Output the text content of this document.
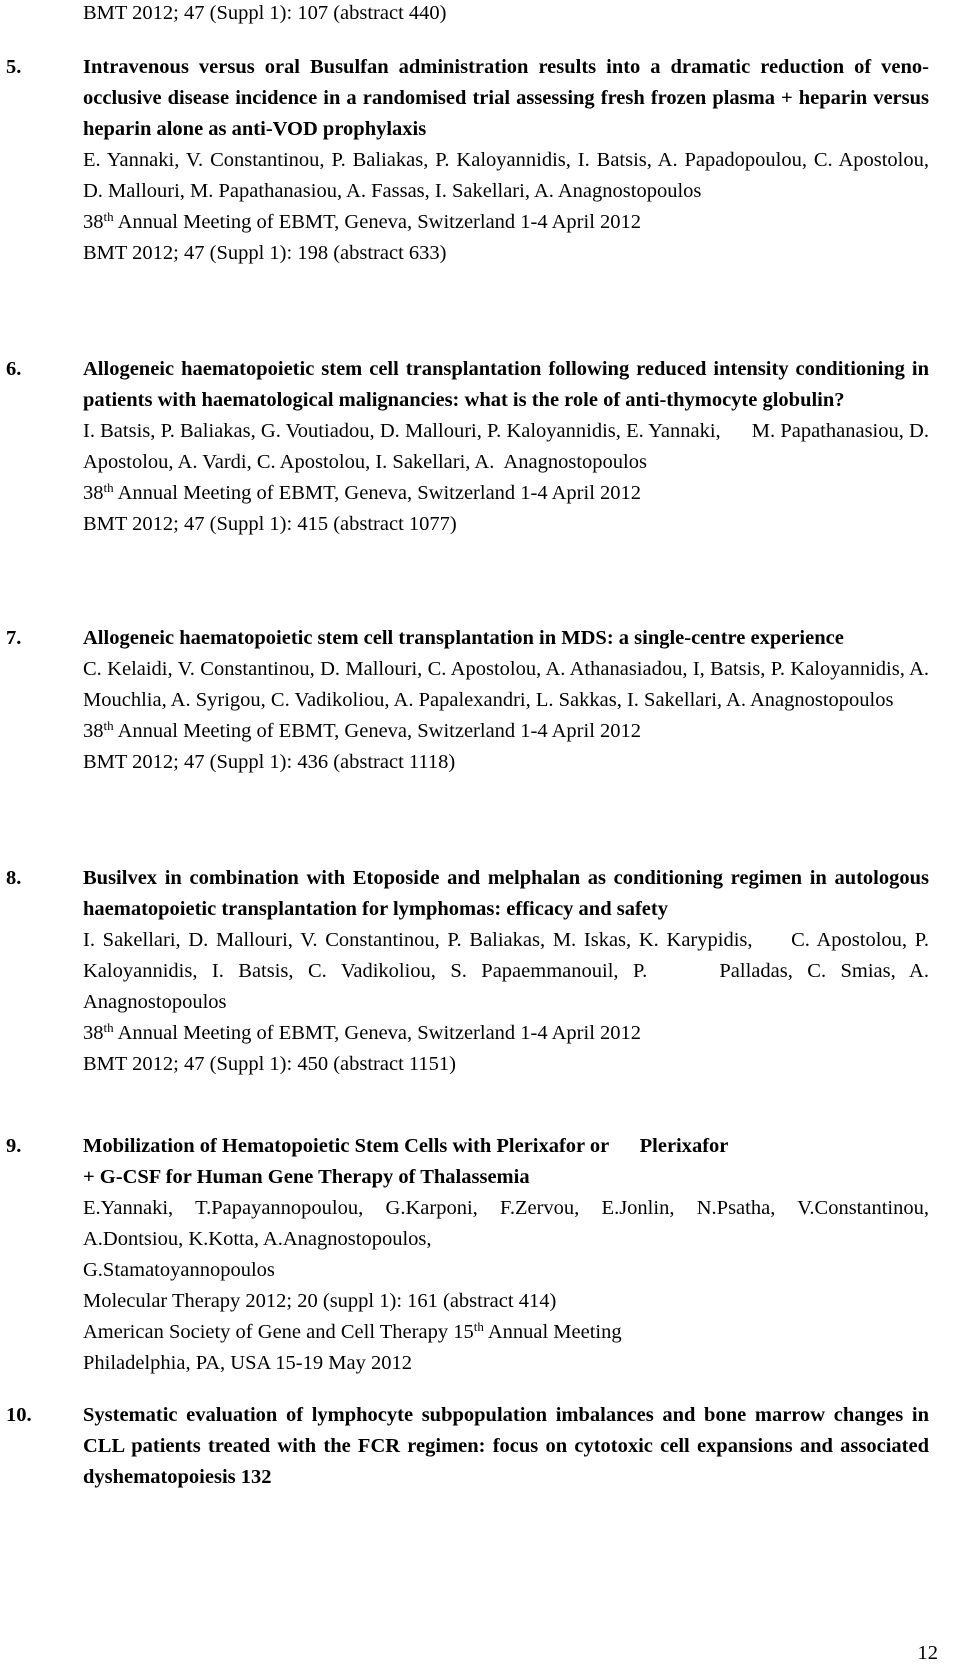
BMT 2012; 47 (Suppl 1): 107 (abstract 440)
5.	Intravenous versus oral Busulfan administration results into a dramatic reduction of veno-occlusive disease incidence in a randomised trial assessing fresh frozen plasma + heparin versus heparin alone as anti-VOD prophylaxis
E. Yannaki, V. Constantinou, P. Baliakas, P. Kaloyannidis, I. Batsis, A. Papadopoulou, C. Apostolou, D. Mallouri, M. Papathanasiou, A. Fassas, I. Sakellari, A. Anagnostopoulos
38th Annual Meeting of EBMT, Geneva, Switzerland 1-4 April 2012
BMT 2012; 47 (Suppl 1): 198 (abstract 633)
6.	Allogeneic haematopoietic stem cell transplantation following reduced intensity conditioning in patients with haematological malignancies: what is the role of anti-thymocyte globulin?
I. Batsis, P. Baliakas, G. Voutiadou, D. Mallouri, P. Kaloyannidis, E. Yannaki,      M. Papathanasiou, D. Apostolou, A. Vardi, C. Apostolou, I. Sakellari, A.  Anagnostopoulos
38th Annual Meeting of EBMT, Geneva, Switzerland 1-4 April 2012
BMT 2012; 47 (Suppl 1): 415 (abstract 1077)
7.	Allogeneic haematopoietic stem cell transplantation in MDS: a single-centre experience
C. Kelaidi, V. Constantinou, D. Mallouri, C. Apostolou, A. Athanasiadou, I, Batsis, P. Kaloyannidis, A. Mouchlia, A. Syrigou, C. Vadikoliou, A. Papalexandri, L. Sakkas, I. Sakellari, A. Anagnostopoulos
38th Annual Meeting of EBMT, Geneva, Switzerland 1-4 April 2012
BMT 2012; 47 (Suppl 1): 436 (abstract 1118)
8.	Busilvex in combination with Etoposide and melphalan as conditioning regimen in autologous haematopoietic transplantation for lymphomas: efficacy and safety
I. Sakellari, D. Mallouri, V. Constantinou, P. Baliakas, M. Iskas, K. Karypidis,     C. Apostolou, P. Kaloyannidis, I. Batsis, C. Vadikoliou, S. Papaemmanouil, P.     Palladas, C. Smias, A. Anagnostopoulos
38th Annual Meeting of EBMT, Geneva, Switzerland 1-4 April 2012
BMT 2012; 47 (Suppl 1): 450 (abstract 1151)
9.	Mobilization of Hematopoietic Stem Cells with Plerixafor or      Plerixafor
+ G-CSF for Human Gene Therapy of Thalassemia
E.Yannaki, T.Papayannopoulou, G.Karponi, F.Zervou, E.Jonlin, N.Psatha, V.Constantinou, A.Dontsiou, K.Kotta, A.Anagnostopoulos,
G.Stamatoyannopoulos
Molecular Therapy 2012; 20 (suppl 1): 161 (abstract 414)
American Society of Gene and Cell Therapy 15th Annual Meeting
Philadelphia, PA, USA 15-19 May 2012
10.	Systematic evaluation of lymphocyte subpopulation imbalances and bone marrow changes in CLL patients treated with the FCR regimen: focus on cytotoxic cell expansions and associated dyshematopoiesis 132
12
